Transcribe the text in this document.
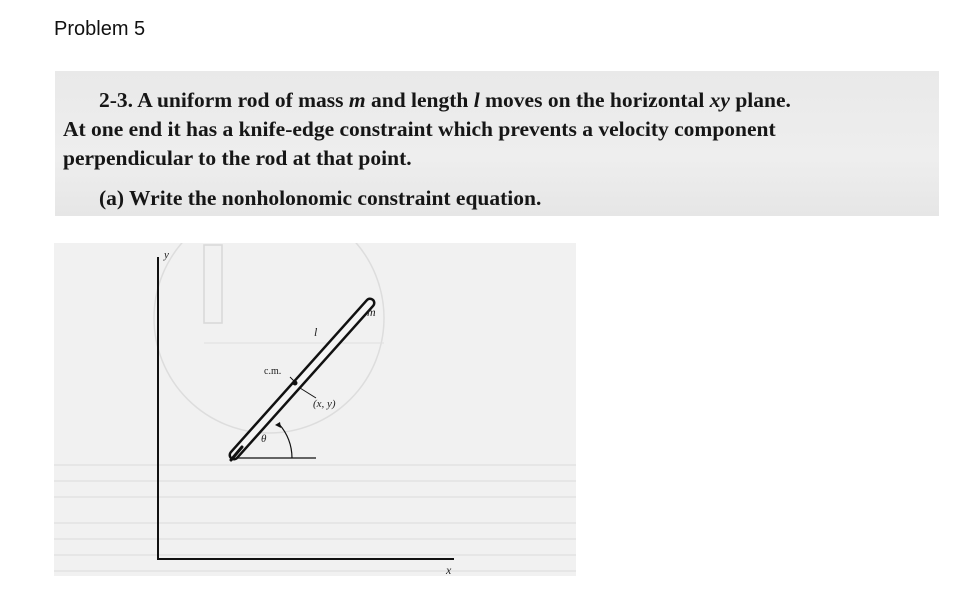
Problem 5
2-3. A uniform rod of mass m and length l moves on the horizontal xy plane.
At one end it has a knife-edge constraint which prevents a velocity component
perpendicular to the rod at that point.
(a) Write the nonholonomic constraint equation.
y
x
m
l
c.m.
(x, y)
θ
